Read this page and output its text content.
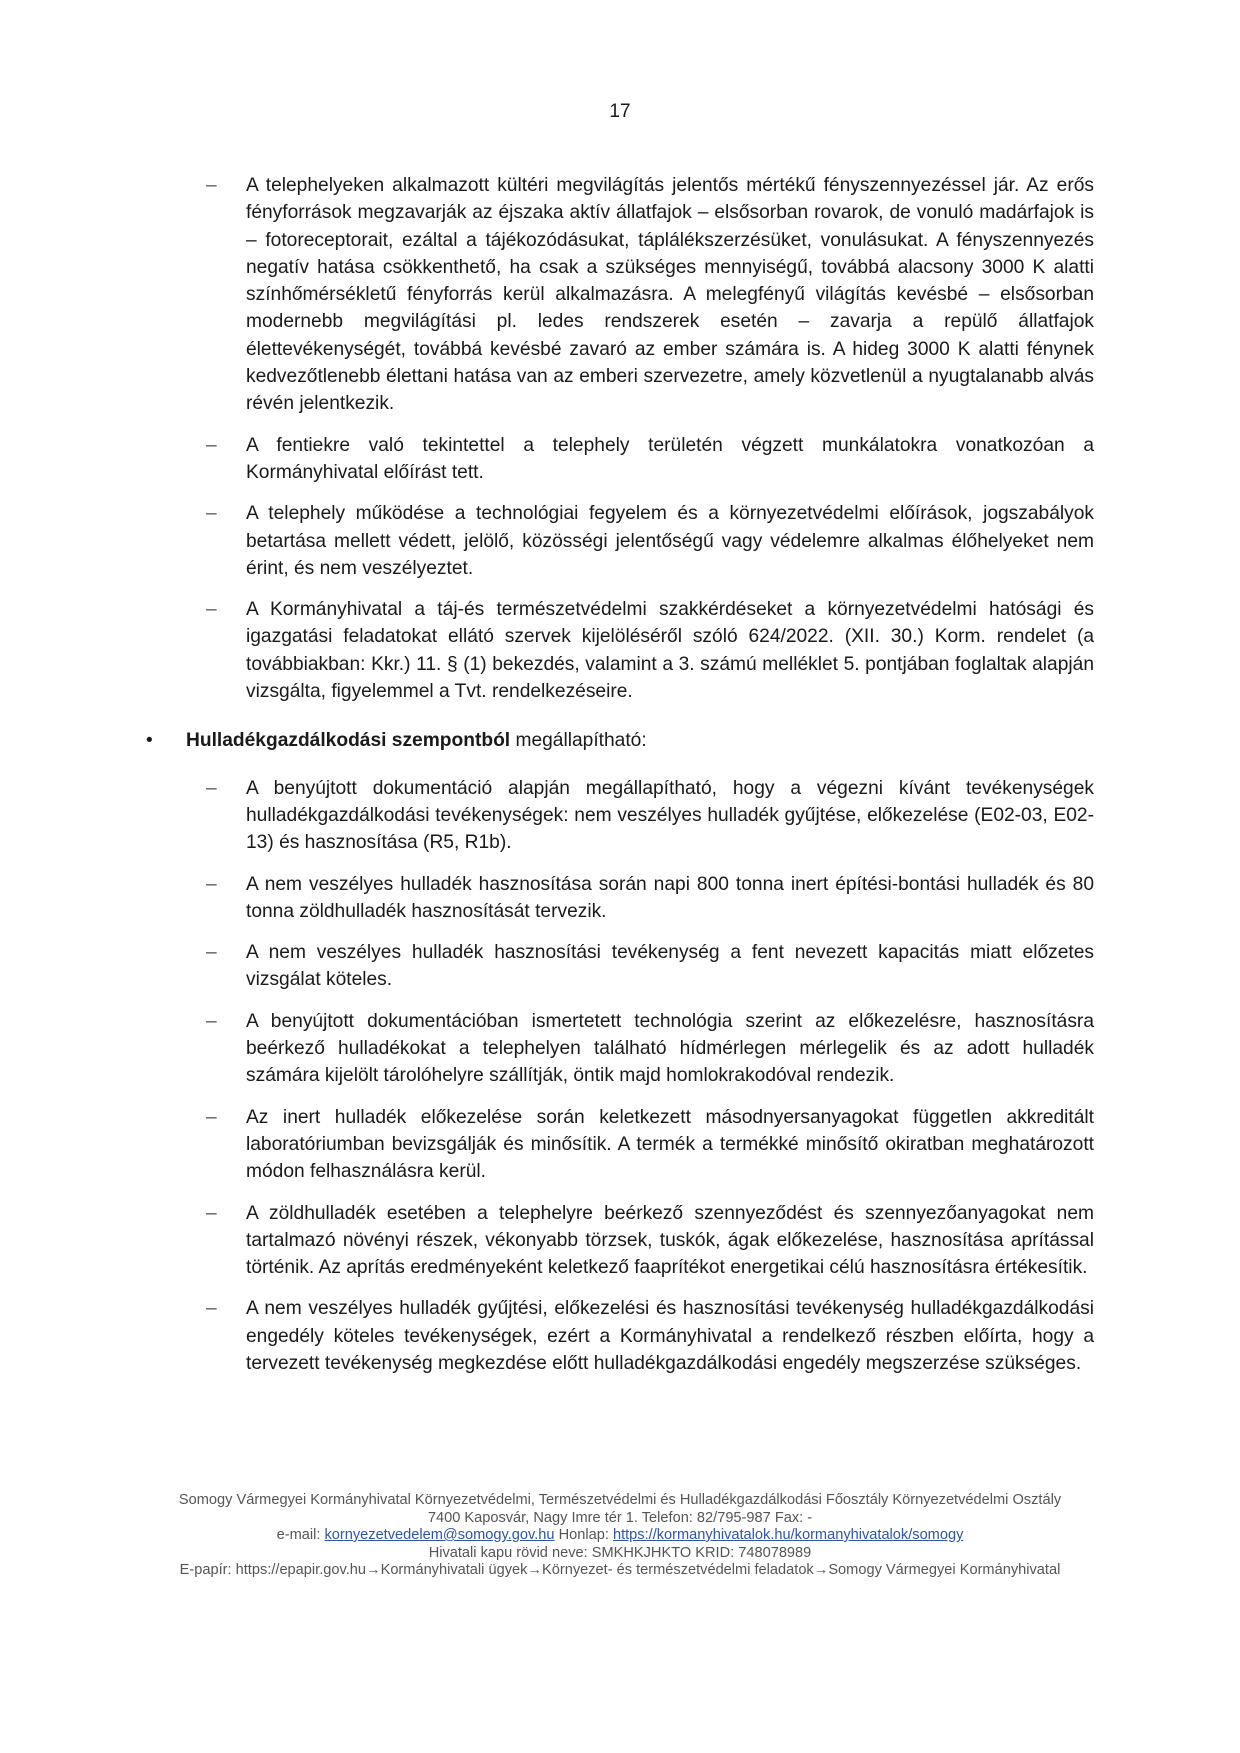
17
– A telephelyeken alkalmazott kültéri megvilágítás jelentős mértékű fényszennyezéssel jár. Az erős fényforrások megzavarják az éjszaka aktív állatfajok – elsősorban rovarok, de vonuló madárfajok is – fotoreceptorait, ezáltal a tájékozódásukat, táplálékszerzésüket, vonulásukat. A fényszennyezés negatív hatása csökkenthető, ha csak a szükséges mennyiségű, továbbá alacsony 3000 K alatti színhőmérsékletű fényforrás kerül alkalmazásra. A melegfényű világítás kevésbé – elsősorban modernebb megvilágítási pl. ledes rendszerek esetén – zavarja a repülő állatfajok élettevékenységét, továbbá kevésbé zavaró az ember számára is. A hideg 3000 K alatti fénynek kedvezőtlenebb élettani hatása van az emberi szervezetre, amely közvetlenül a nyugtalanabb alvás révén jelentkezik.
– A fentiekre való tekintettel a telephely területén végzett munkálatokra vonatkozóan a Kormányhivatal előírást tett.
– A telephely működése a technológiai fegyelem és a környezetvédelmi előírások, jogszabályok betartása mellett védett, jelölő, közösségi jelentőségű vagy védelemre alkalmas élőhelyeket nem érint, és nem veszélyeztet.
– A Kormányhivatal a táj-és természetvédelmi szakkérdéseket a környezetvédelmi hatósági és igazgatási feladatokat ellátó szervek kijelöléséről szóló 624/2022. (XII. 30.) Korm. rendelet (a továbbiakban: Kkr.) 11. § (1) bekezdés, valamint a 3. számú melléklet 5. pontjában foglaltak alapján vizsgálta, figyelemmel a Tvt. rendelkezéseire.
• Hulladékgazdálkodási szempontból megállapítható:
– A benyújtott dokumentáció alapján megállapítható, hogy a végezni kívánt tevékenységek hulladékgazdálkodási tevékenységek: nem veszélyes hulladék gyűjtése, előkezelése (E02-03, E02-13) és hasznosítása (R5, R1b).
– A nem veszélyes hulladék hasznosítása során napi 800 tonna inert építési-bontási hulladék és 80 tonna zöldhulladék hasznosítását tervezik.
– A nem veszélyes hulladék hasznosítási tevékenység a fent nevezett kapacitás miatt előzetes vizsgálat köteles.
– A benyújtott dokumentációban ismertetett technológia szerint az előkezelésre, hasznosításra beérkező hulladékokat a telephelyen található hídmérlegen mérlegelik és az adott hulladék számára kijelölt tárolóhelyre szállítják, öntik majd homlokrakodóval rendezik.
– Az inert hulladék előkezelése során keletkezett másodnyersanyagokat független akkreditált laboratóriumban bevizsgálják és minősítik. A termék a termékké minősítő okiratban meghatározott módon felhasználásra kerül.
– A zöldhulladék esetében a telephelyre beérkező szennyeződést és szennyezőanyagokat nem tartalmazó növényi részek, vékonyabb törzsek, tuskók, ágak előkezelése, hasznosítása aprítással történik. Az aprítás eredményeként keletkező faaprítékot energetikai célú hasznosításra értékesítik.
– A nem veszélyes hulladék gyűjtési, előkezelési és hasznosítási tevékenység hulladékgazdálkodási engedély köteles tevékenységek, ezért a Kormányhivatal a rendelkező részben előírta, hogy a tervezett tevékenység megkezdése előtt hulladékgazdálkodási engedély megszerzése szükséges.
Somogy Vármegyei Kormányhivatal Környezetvédelmi, Természetvédelmi és Hulladékgazdálkodási Főosztály Környezetvédelmi Osztály
7400 Kaposvár, Nagy Imre tér 1. Telefon: 82/795-987 Fax: -
e-mail: kornyezetvedelem@somogy.gov.hu Honlap: https://kormanyhivatalok.hu/kormanyhivatalok/somogy
Hivatali kapu rövid neve: SMKHKJHKTO KRID: 748078989
E-papír: https://epapir.gov.hu→Kormányhivatali ügyek→Környezet- és természetvédelmi feladatok→Somogy Vármegyei Kormányhivatal
